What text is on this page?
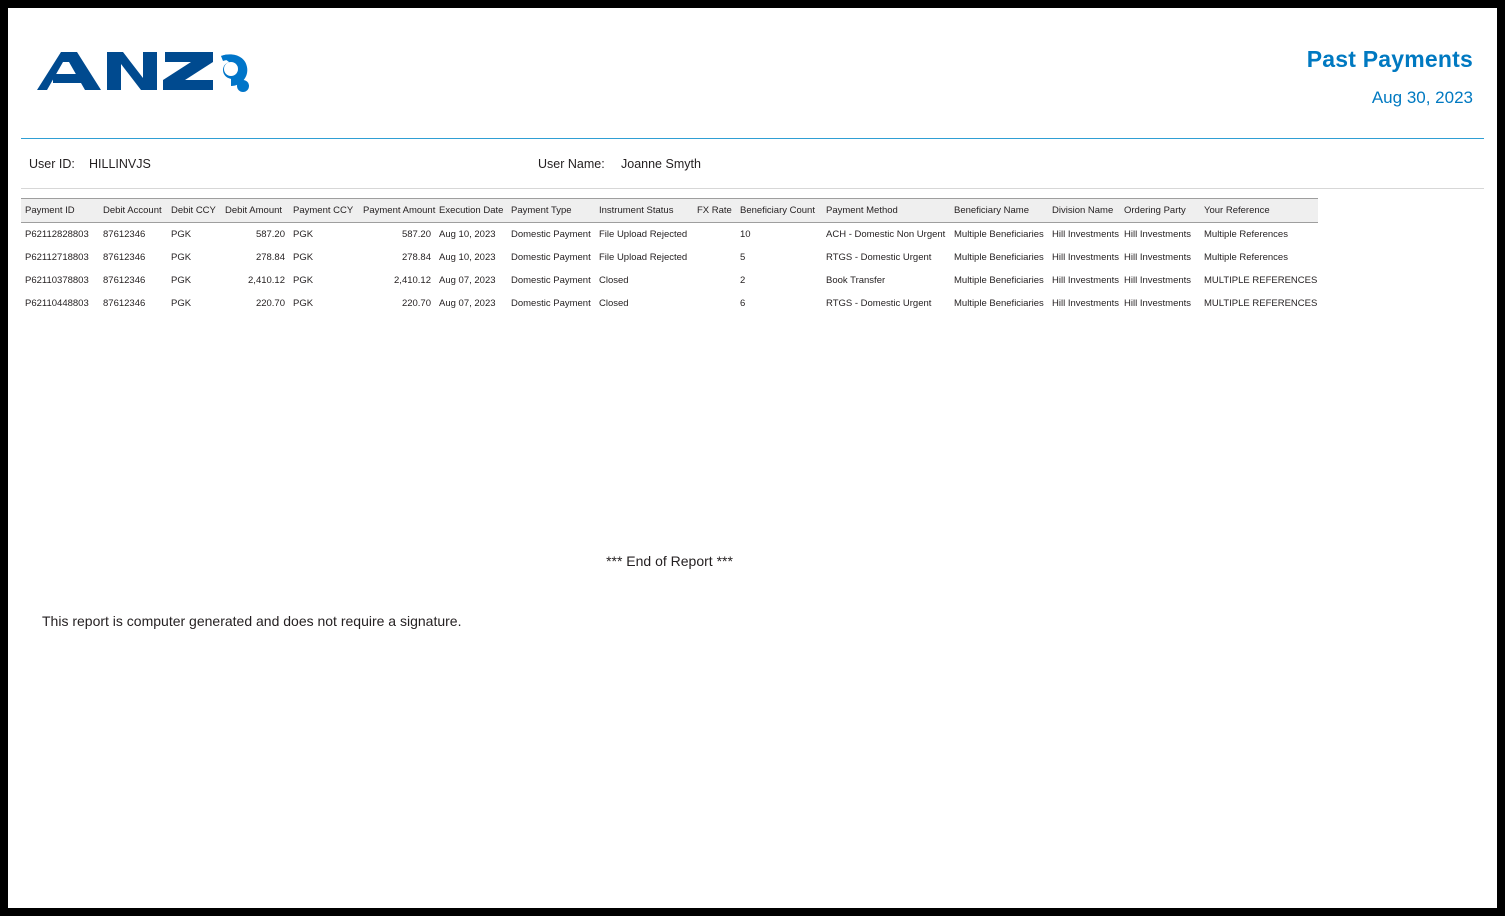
Past Payments
Aug 30, 2023
User ID: HILLINVJS	User Name: Joanne Smyth
Payment ID	Debit Account	Debit CCY	Debit Amount	Payment CCY	Payment Amount	Execution Date	Payment Type	Instrument Status	FX Rate	Beneficiary Count	Payment Method	Beneficiary Name	Division Name	Ordering Party	Your Reference
P62112828803	87612346	PGK	587.20	PGK	587.20	Aug 10, 2023	Domestic Payment	File Upload Rejected		10	ACH - Domestic Non Urgent	Multiple Beneficiaries	Hill Investments	Hill Investments	Multiple References
P62112718803	87612346	PGK	278.84	PGK	278.84	Aug 10, 2023	Domestic Payment	File Upload Rejected		5	RTGS - Domestic Urgent	Multiple Beneficiaries	Hill Investments	Hill Investments	Multiple References
P62110378803	87612346	PGK	2,410.12	PGK	2,410.12	Aug 07, 2023	Domestic Payment	Closed		2	Book Transfer	Multiple Beneficiaries	Hill Investments	Hill Investments	MULTIPLE REFERENCES
P62110448803	87612346	PGK	220.70	PGK	220.70	Aug 07, 2023	Domestic Payment	Closed		6	RTGS - Domestic Urgent	Multiple Beneficiaries	Hill Investments	Hill Investments	MULTIPLE REFERENCES
*** End of Report ***
This report is computer generated and does not require a signature.
